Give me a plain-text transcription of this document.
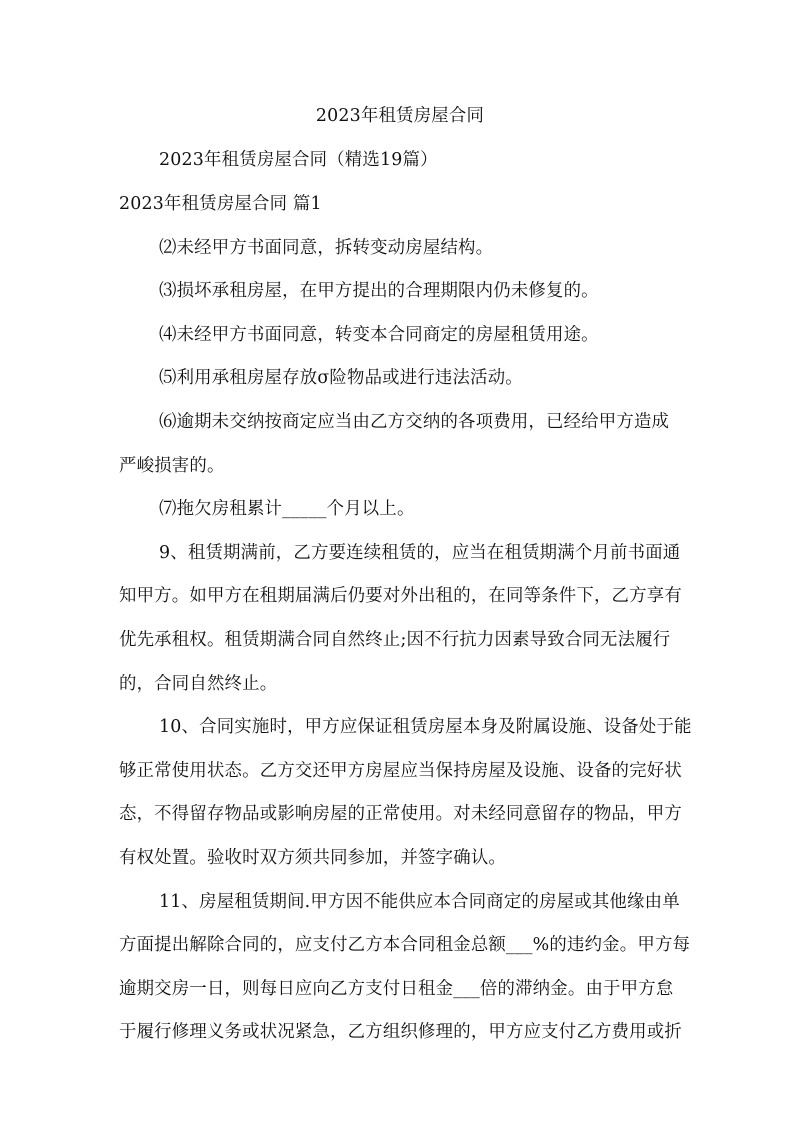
2023年租赁房屋合同
2023年租赁房屋合同（精选19篇）
2023年租赁房屋合同 篇1
⑵未经甲方书面同意，拆转变动房屋结构。
⑶损坏承租房屋，在甲方提出的合理期限内仍未修复的。
⑷未经甲方书面同意，转变本合同商定的房屋租赁用途。
⑸利用承租房屋存放σ险物品或进行违法活动。
⑹逾期未交纳按商定应当由乙方交纳的各项费用，已经给甲方造成
严峻损害的。
⑺拖欠房租累计_____个月以上。
9、租赁期满前，乙方要连续租赁的，应当在租赁期满个月前书面通
知甲方。如甲方在租期届满后仍要对外出租的，在同等条件下，乙方享有
优先承租权。租赁期满合同自然终止;因不行抗力因素导致合同无法履行
的，合同自然终止。
10、合同实施时，甲方应保证租赁房屋本身及附属设施、设备处于能
够正常使用状态。乙方交还甲方房屋应当保持房屋及设施、设备的完好状
态，不得留存物品或影响房屋的正常使用。对未经同意留存的物品，甲方
有权处置。验收时双方须共同参加，并签字确认。
11、房屋租赁期间.甲方因不能供应本合同商定的房屋或其他缘由单
方面提出解除合同的，应支付乙方本合同租金总额___%的违约金。甲方每
逾期交房一日，则每日应向乙方支付日租金___倍的滞纳金。由于甲方怠
于履行修理义务或状况紧急，乙方组织修理的，甲方应支付乙方费用或折
